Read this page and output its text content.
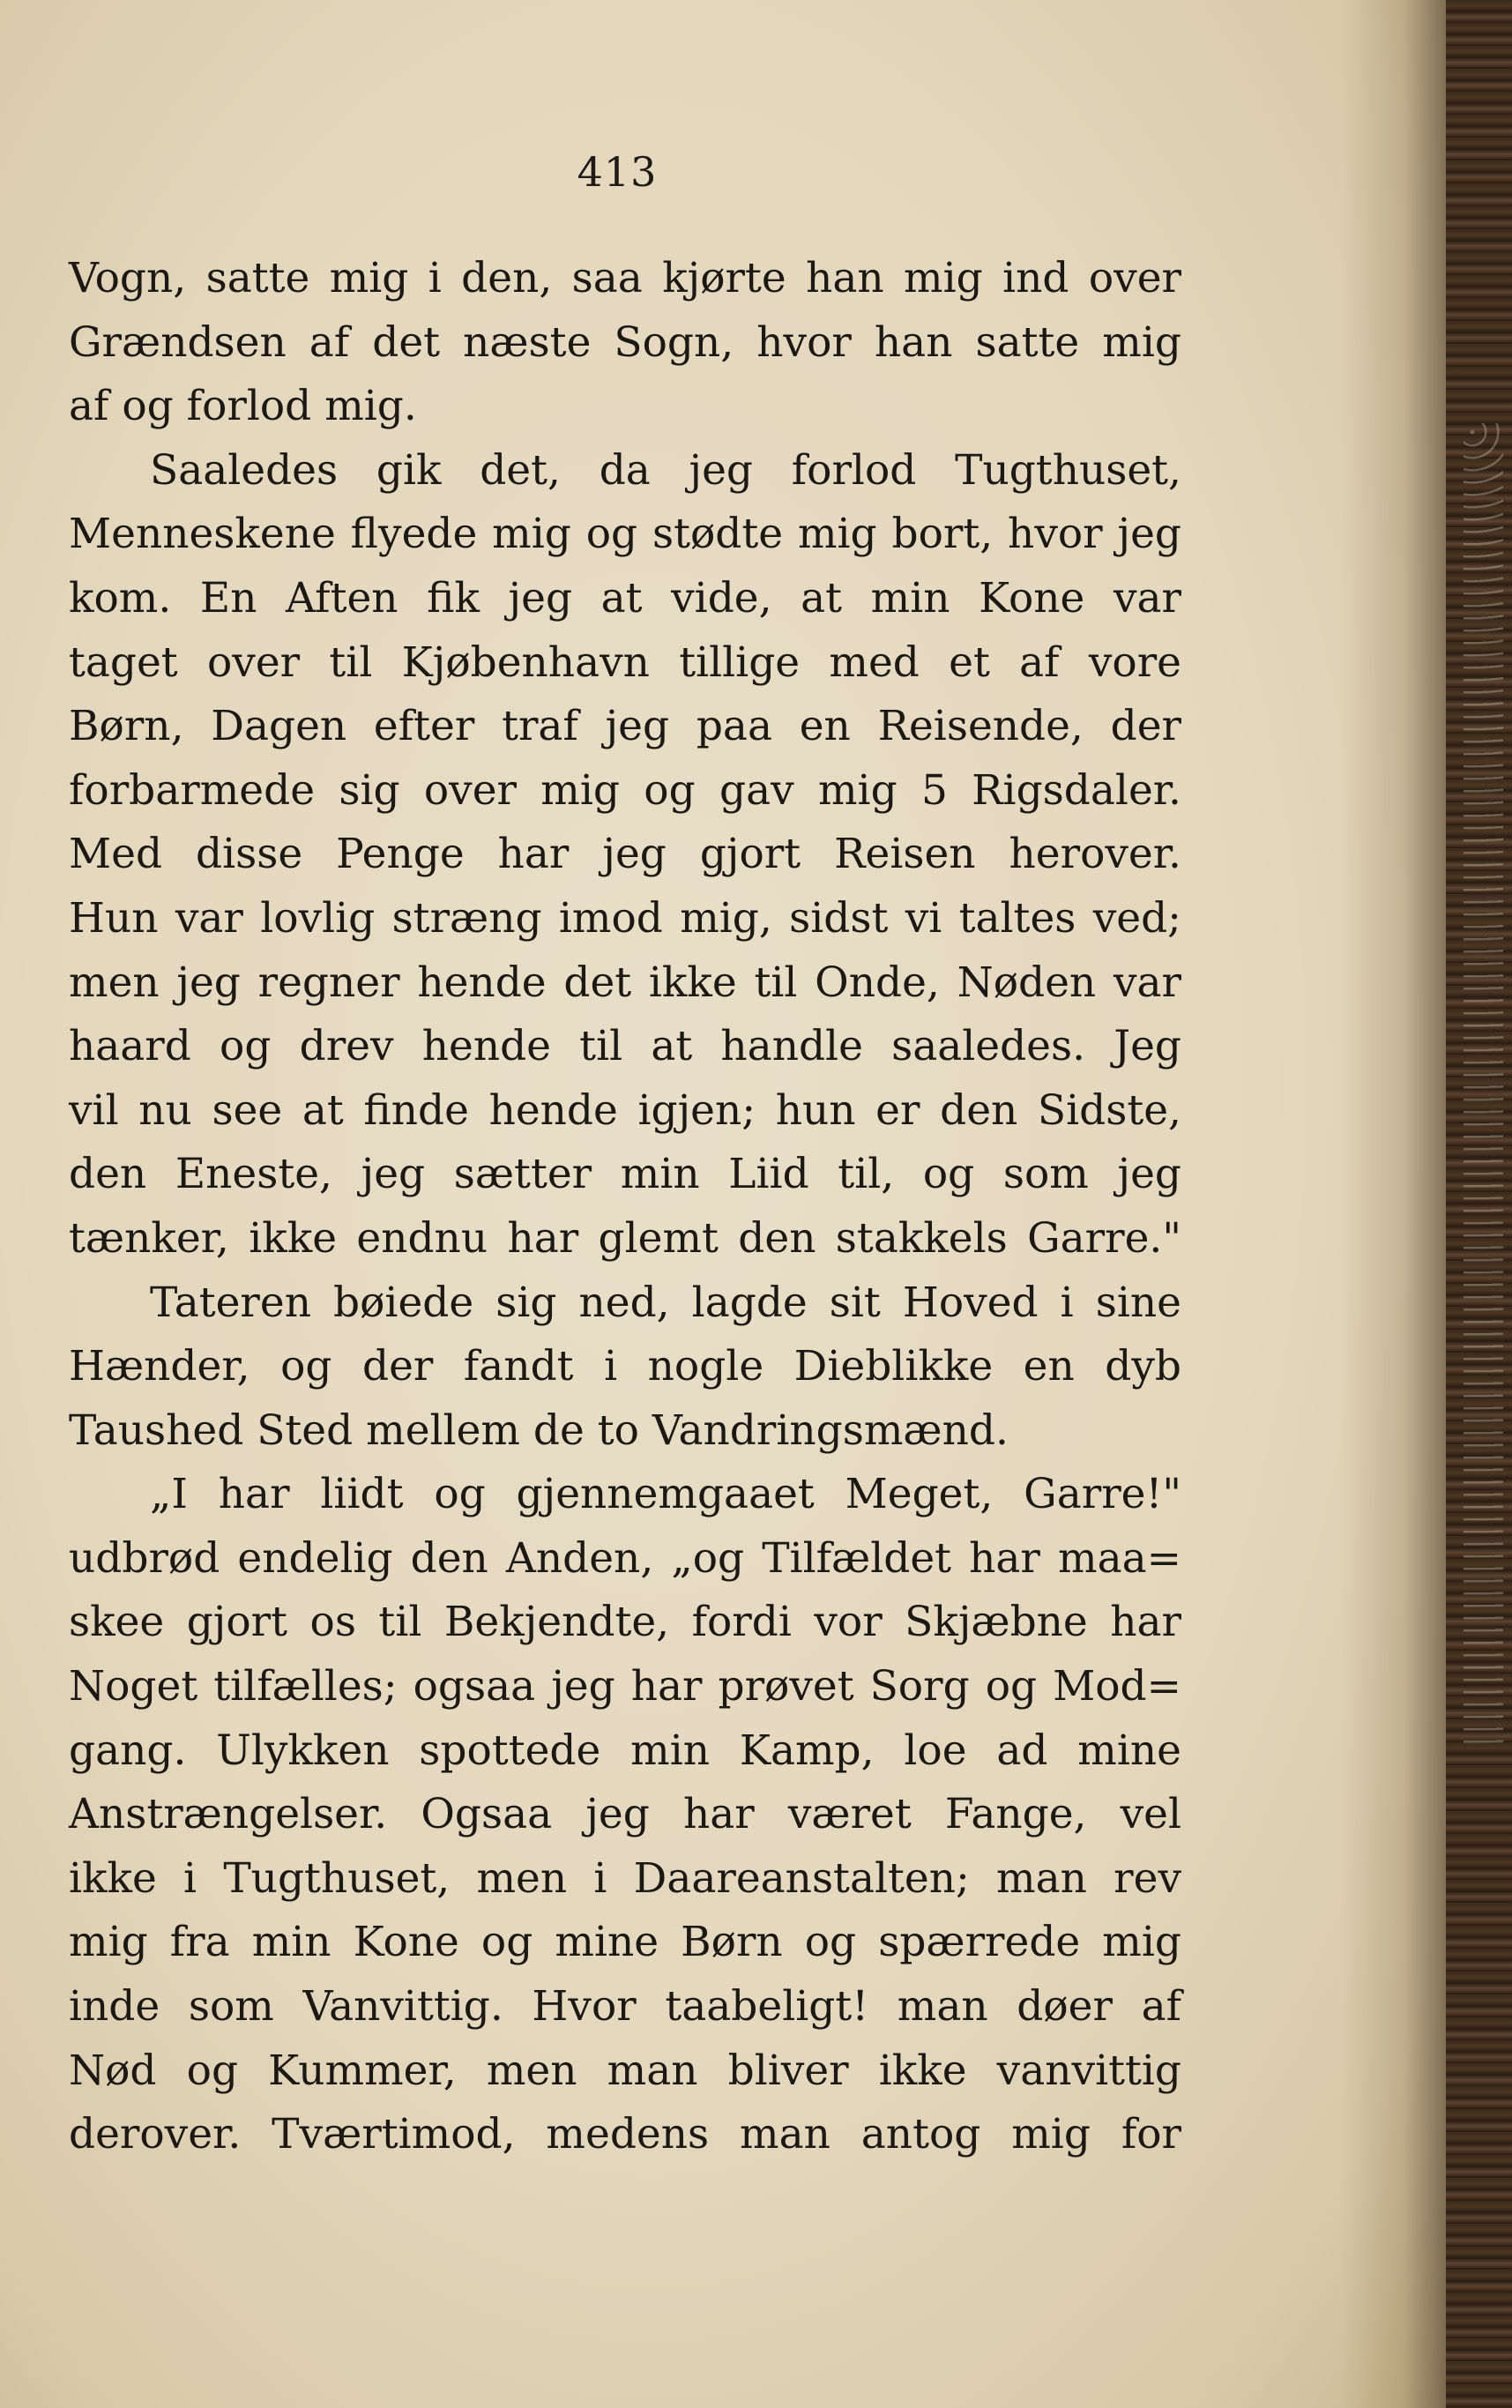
413
Vogn, satte mig i den, saa kjørte han mig ind over
Grændsen af det næste Sogn, hvor han satte mig
af og forlod mig.
Saaledes gik det, da jeg forlod Tugthuset,
Menneskene flyede mig og stødte mig bort, hvor jeg
kom. En Aften fik jeg at vide, at min Kone var
taget over til Kjøbenhavn tillige med et af vore
Børn, Dagen efter traf jeg paa en Reisende, der
forbarmede sig over mig og gav mig 5 Rigsdaler.
Med disse Penge har jeg gjort Reisen herover.
Hun var lovlig stræng imod mig, sidst vi taltes ved;
men jeg regner hende det ikke til Onde, Nøden var
haard og drev hende til at handle saaledes. Jeg
vil nu see at finde hende igjen; hun er den Sidste,
den Eneste, jeg sætter min Liid til, og som jeg
tænker, ikke endnu har glemt den stakkels Garre."
Tateren bøiede sig ned, lagde sit Hoved i sine
Hænder, og der fandt i nogle Dieblikke en dyb
Taushed Sted mellem de to Vandringsmænd.
„I har liidt og gjennemgaaet Meget, Garre!"
udbrød endelig den Anden, „og Tilfældet har maa=
skee gjort os til Bekjendte, fordi vor Skjæbne har
Noget tilfælles; ogsaa jeg har prøvet Sorg og Mod=
gang. Ulykken spottede min Kamp, loe ad mine
Anstrængelser. Ogsaa jeg har været Fange, vel
ikke i Tugthuset, men i Daareanstalten; man rev
mig fra min Kone og mine Børn og spærrede mig
inde som Vanvittig. Hvor taabeligt! man døer af
Nød og Kummer, men man bliver ikke vanvittig
derover. Tværtimod, medens man antog mig for
